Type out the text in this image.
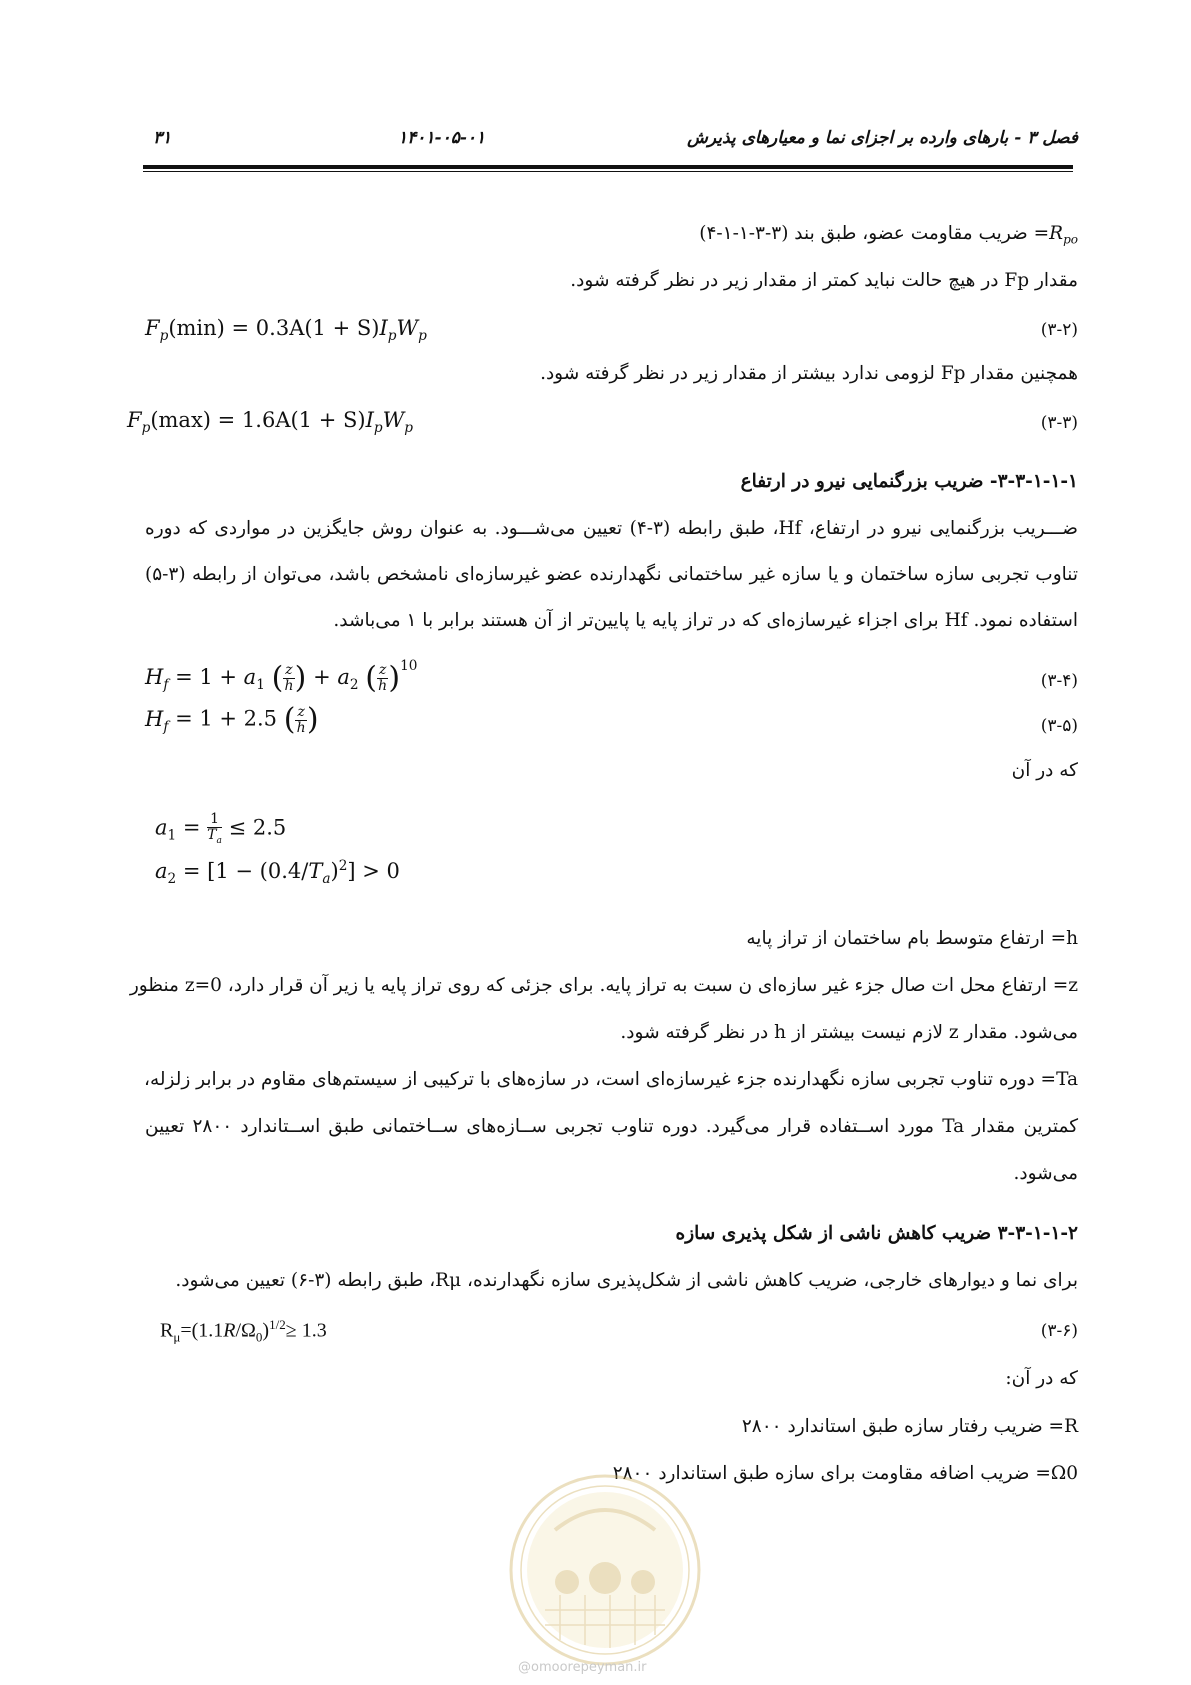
۳۱	۱۴۰۱-۰۵-۰۱	فصل ۳ - بارهای وارده بر اجزای نما و معیارهای پذیرش
$R_{po}=$ ضریب مقاومت عضو، طبق بند (۳-۳-۱-۱-۴)
مقدار Fp در هیچ حالت نباید کمتر از مقدار زیر در نظر گرفته شود.
$F_p(\min) = 0.3A(1 + S)I_pW_p$	(۳-۲)
همچنین مقدار Fp لزومی ندارد بیشتر از مقدار زیر در نظر گرفته شود.
$F_p(\max) = 1.6A(1 + S)I_pW_p$	(۳-۳)
۳-۳-۱-۱-۱- ضریب بزرگنمایی نیرو در ارتفاع
ضـــریب بزرگنمایی نیرو در ارتفاع، Hf، طبق رابطه (۳-۴) تعیین می‌شـــود. به عنوان روش جایگزین در مواردی که دوره
تناوب تجربی سازه ساختمان و یا سازه غیر ساختمانی نگهدارنده عضو غیرسازه‌ای نامشخص باشد، می‌توان از رابطه (۳-۵)
استفاده نمود. Hf برای اجزاء غیرسازه‌ای که در تراز پایه یا پایین‌تر از آن هستند برابر با ۱ می‌باشد.
$H_f = 1 + a_1$ ( $\frac{z}{h}$ ) + $a_2$ ( $\frac{z}{h} )^{10}$
(۳-۴)
$H_f = 1 + 2.5$ ( $\frac{z}{h}$ )	(۳-۵)
که در آن
$a_1 = \frac{1}{T_a} \le 2.5$
$a_2 = [1 - (0.4/T_a)^2] > 0$
h= ارتفاع متوسط بام ساختمان از تراز پایه
z= ارتفاع محل ات صال جزء غیر سازه‌ای ن سبت به تراز پایه. برای جزئی که روی تراز پایه یا زیر آن قرار دارد، z=0 منظور
می‌شود. مقدار z لازم نیست بیشتر از h در نظر گرفته شود.
Ta= دوره تناوب تجربی سازه نگهدارنده جزء غیرسازه‌ای است، در سازه‌های با ترکیبی از سیستم‌های مقاوم در برابر زلزله،
کمترین مقدار Ta مورد اســتفاده قرار می‌گیرد. دوره تناوب تجربی ســازه‌های ســاختمانی طبق اســتاندارد ۲۸۰۰ تعیین
می‌شود.
۳-۳-۱-۱-۲ ضریب کاهش ناشی از شکل پذیری سازه
برای نما و دیوارهای خارجی، ضریب کاهش ناشی از شکل‌پذیری سازه نگهدارنده، Rμ، طبق رابطه (۳-۶) تعیین می‌شود.
$R_\mu=(1.1R/\Omega_0)^{1/2}\ge 1.3$	(۳-۶)
که در آن:
R= ضریب رفتار سازه طبق استاندارد ۲۸۰۰
Ω0= ضریب اضافه مقاومت برای سازه طبق استاندارد ۲۸۰۰
@omoorepeyman.ir
